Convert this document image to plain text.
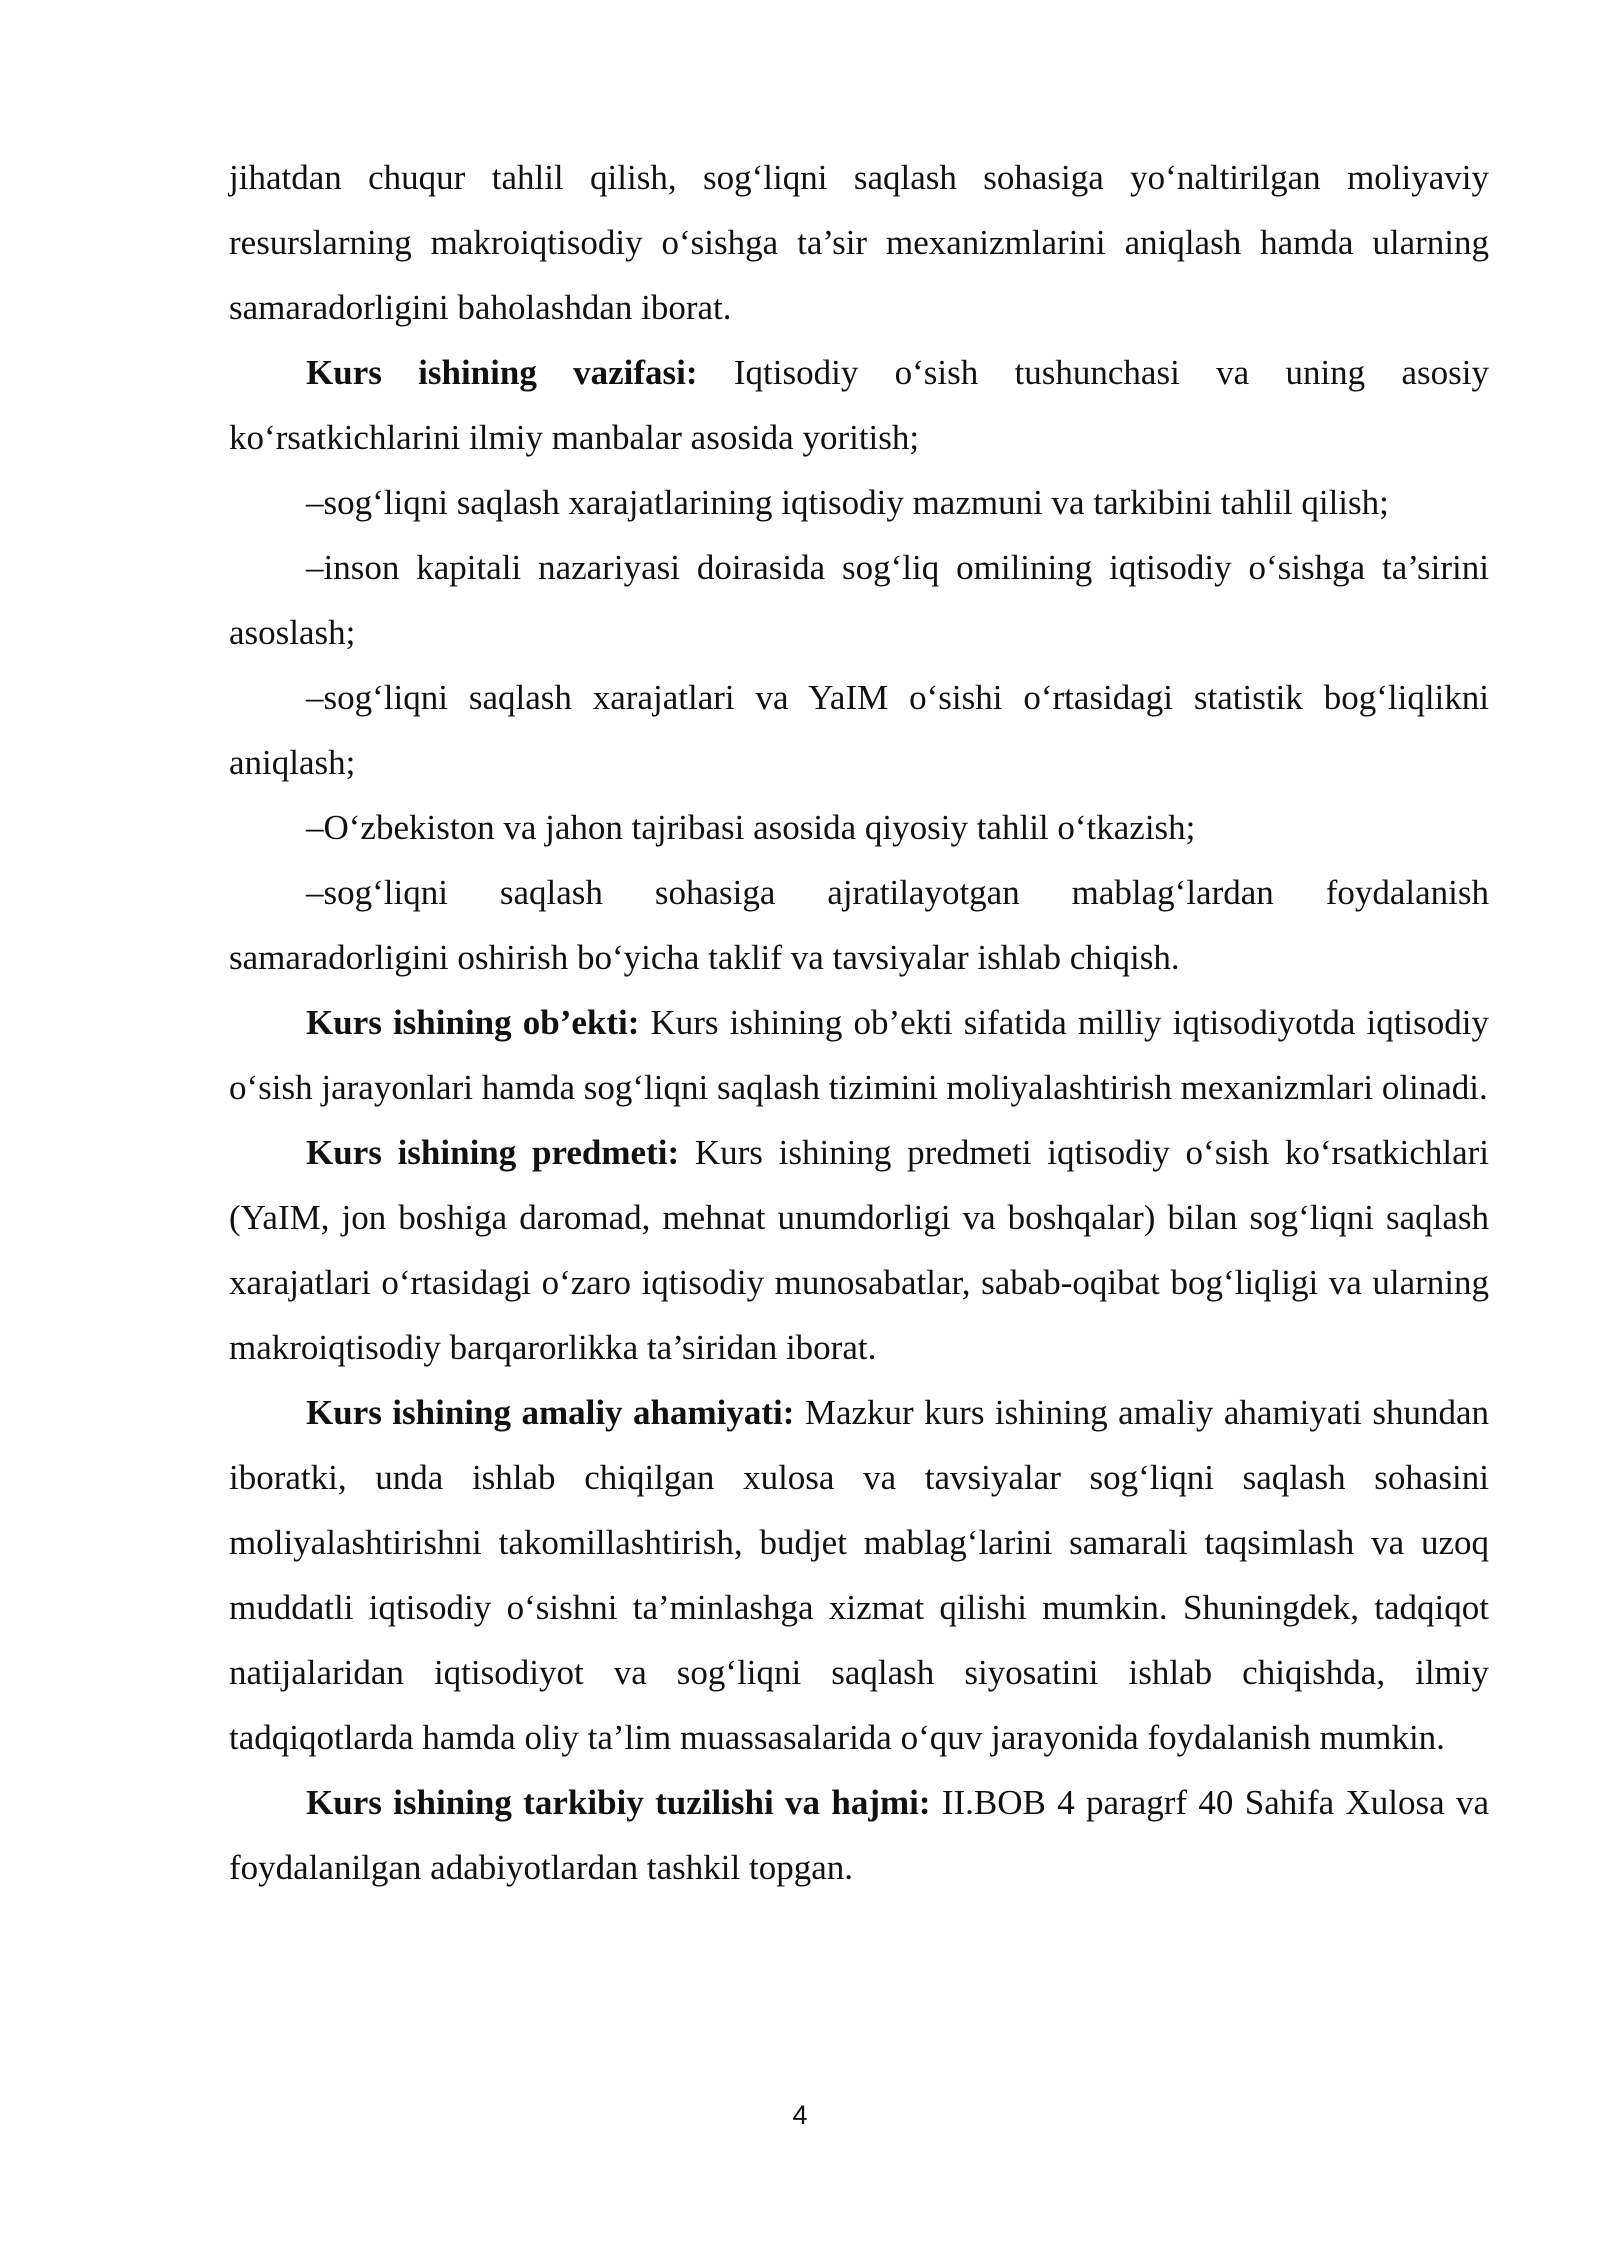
jihatdan chuqur tahlil qilish, sog‘liqni saqlash sohasiga yo‘naltirilgan moliyaviy resurslarning makroiqtisodiy o‘sishga ta’sir mexanizmlarini aniqlash hamda ularning samaradorligini baholashdan iborat.

Kurs ishining vazifasi: Iqtisodiy o‘sish tushunchasi va uning asosiy ko‘rsatkichlarini ilmiy manbalar asosida yoritish;

–sog‘liqni saqlash xarajatlarining iqtisodiy mazmuni va tarkibini tahlil qilish;

–inson kapitali nazariyasi doirasida sog‘liq omilining iqtisodiy o‘sishga ta’sirini asoslash;

–sog‘liqni saqlash xarajatlari va YaIM o‘sishi o‘rtasidagi statistik bog‘liqlikni aniqlash;

–O‘zbekiston va jahon tajribasi asosida qiyosiy tahlil o‘tkazish;

–sog‘liqni saqlash sohasiga ajratilayotgan mablag‘lardan foydalanish samaradorligini oshirish bo‘yicha taklif va tavsiyalar ishlab chiqish.

Kurs ishining ob’ekti: Kurs ishining ob’ekti sifatida milliy iqtisodiyotda iqtisodiy o‘sish jarayonlari hamda sog‘liqni saqlash tizimini moliyalashtirish mexanizmlari olinadi.

Kurs ishining predmeti: Kurs ishining predmeti iqtisodiy o‘sish ko‘rsatkichlari (YaIM, jon boshiga daromad, mehnat unumdorligi va boshqalar) bilan sog‘liqni saqlash xarajatlari o‘rtasidagi o‘zaro iqtisodiy munosabatlar, sabab-oqibat bog‘liqligi va ularning makroiqtisodiy barqarorlikka ta’siridan iborat.

Kurs ishining amaliy ahamiyati: Mazkur kurs ishining amaliy ahamiyati shundan iboratki, unda ishlab chiqilgan xulosa va tavsiyalar sog‘liqni saqlash sohasini moliyalashtirishni takomillashtirish, budjet mablag‘larini samarali taqsimlash va uzoq muddatli iqtisodiy o‘sishni ta’minlashga xizmat qilishi mumkin. Shuningdek, tadqiqot natijalaridan iqtisodiyot va sog‘liqni saqlash siyosatini ishlab chiqishda, ilmiy tadqiqotlarda hamda oliy ta’lim muassasalarida o‘quv jarayonida foydalanish mumkin.

Kurs ishining tarkibiy tuzilishi va hajmi: II.BOB 4 paragrf 40 Sahifa Xulosa va foydalanilgan adabiyotlardan tashkil topgan.

4
